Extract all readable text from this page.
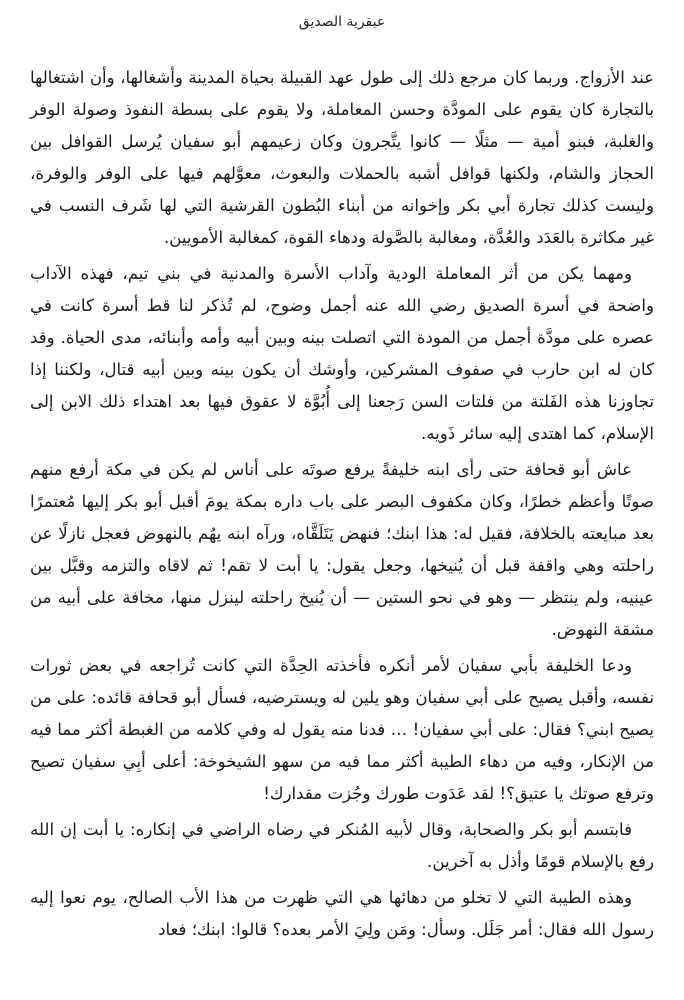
عبقرية الصديق

عند الأزواج. وربما كان مرجع ذلك إلى طول عهد القبيلة بحياة المدينة وأشغالها، وأن اشتغالها بالتجارة كان يقوم على المودَّة وحسن المعاملة، ولا يقوم على بسطة النفوذ وصولة الوفر والغلبة، فبنو أمية — مثلًا — كانوا يتَّجرون وكان زعيمهم أبو سفيان يُرسل القوافل بين الحجاز والشام، ولكنها قوافل أشبه بالحملات والبعوث، معوَّلهم فيها على الوفر والوفرة، وليست كذلك تجارة أبي بكر وإخوانه من أبناء البُطون القرشية التي لها شَرف النسب في غير مكاثرة بالعَدَد والعُدَّة، ومغالبة بالصَّولة ودهاء القوة، كمغالبة الأمويين.

ومهما يكن من أثر المعاملة الودية وآداب الأسرة والمدنية في بني تيم، فهذه الآداب واضحة في أسرة الصديق رضي الله عنه أجمل وضوح، لم تُذكر لنا قط أسرة كانت في عصره على مودَّة أجمل من المودة التي اتصلت بينه وبين أبيه وأمه وأبنائه، مدى الحياة. وقد كان له ابن حارب في صفوف المشركين، وأوشك أن يكون بينه وبين أبيه قتال، ولكننا إذا تجاوزنا هذه الفَلتة من فلتات السن رَجعنا إلى أُبُوَّة لا عقوق فيها بعد اهتداء ذلك الابن إلى الإسلام، كما اهتدى إليه سائر ذَويه.

عاش أبو قحافة حتى رأى ابنه خليفةً يرفع صوتَه على أناس لم يكن في مكة أرفع منهم صوتًا وأعظم خطرًا، وكان مكفوف البصر على باب داره بمكة يومَ أقبل أبو بكر إليها مُعتمرًا بعد مبايعته بالخلافة، فقيل له: هذا ابنك؛ فنهض يَتَلَقَّاه، ورآه ابنه يهُم بالنهوض فعجل نازلًا عن راحلته وهي واقفة قبل أن يُنيخها، وجعل يقول: يا أبت لا تقم! ثم لاقاه والتزمه وقبَّل بين عينيه، ولم ينتظر — وهو في نحو الستين — أن يُنيخ راحلته لينزل منها، مخافة على أبيه من مشقة النهوض.

ودعا الخليفة بأبي سفيان لأمر أنكره فأخذته الحِدَّة التي كانت تُراجعه في بعض ثورات نفسه، وأقبل يصيح على أبي سفيان وهو يلين له ويسترضيه، فسأل أبو قحافة قائده: على من يصيح ابني؟ فقال: على أبي سفيان! … فدنا منه يقول له وفي كلامه من الغبطة أكثر مما فيه من الإنكار، وفيه من دهاء الطيبة أكثر مما فيه من سهو الشيخوخة: أعلى أبِي سفيان تصيح وترفع صوتك يا عتيق؟! لقد عَدَوت طورك وجُزت مقدارك!

فابتسم أبو بكر والصحابة، وقال لأبيه المُنكر في رضاه الراضي في إنكاره: يا أبت إن الله رفع بالإسلام قومًا وأذل به آخرين.

وهذه الطيبة التي لا تخلو من دهائها هي التي ظهرت من هذا الأب الصالح، يوم نعوا إليه رسول الله فقال: أمر جَلَل. وسأل: ومَن ولِيَ الأمر بعده؟ قالوا: ابنك؛ فعاد
